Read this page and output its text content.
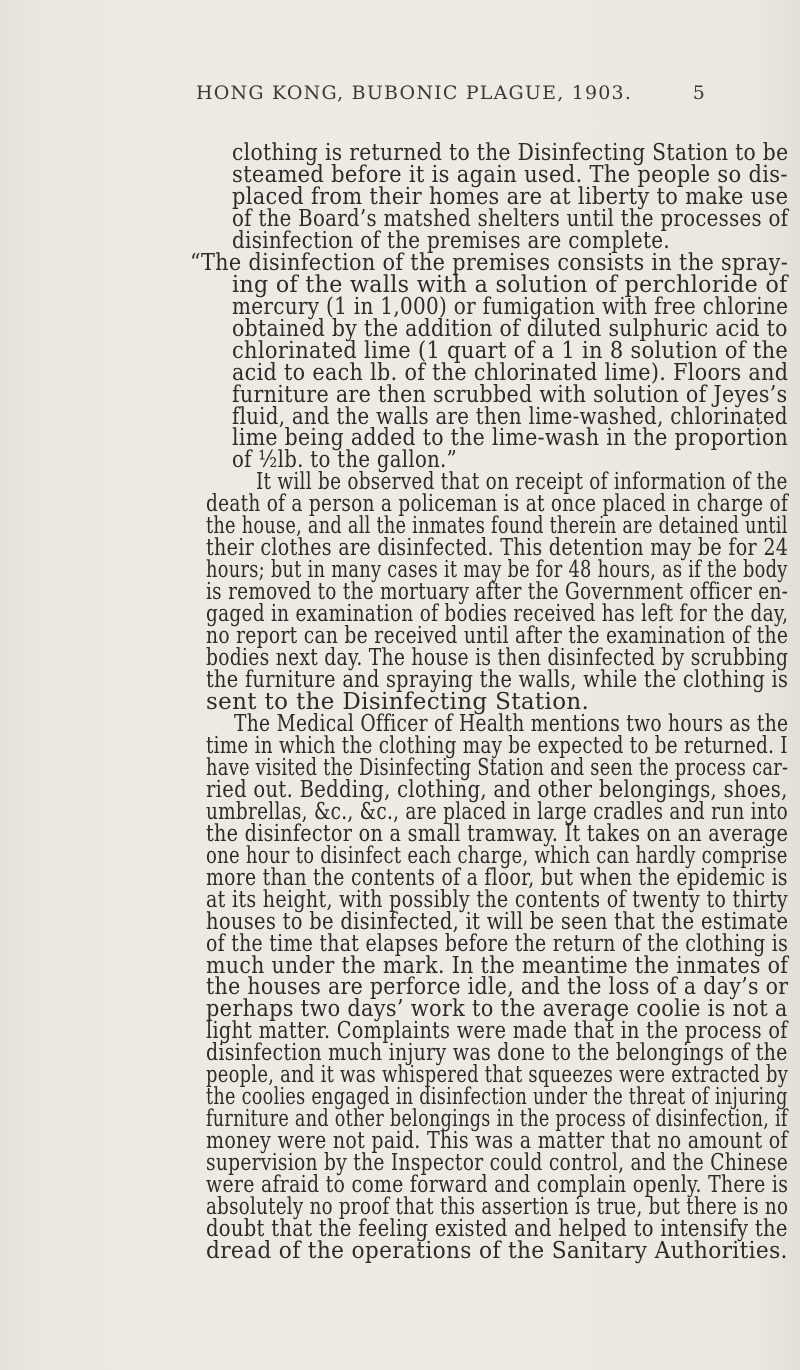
HONG KONG, BUBONIC PLAGUE, 1903.	5
clothing is returned to the Disinfecting Station to be
steamed before it is again used. The people so dis-
placed from their homes are at liberty to make use
of the Board’s matshed shelters until the processes of
disinfection of the premises are complete.
“The disinfection of the premises consists in the spray-
ing of the walls with a solution of perchloride of
mercury (1 in 1,000) or fumigation with free chlorine
obtained by the addition of diluted sulphuric acid to
chlorinated lime (1 quart of a 1 in 8 solution of the
acid to each lb. of the chlorinated lime). Floors and
furniture are then scrubbed with solution of Jeyes’s
fluid, and the walls are then lime-washed, chlorinated
lime being added to the lime-wash in the proportion
of ½lb. to the gallon.”
It will be observed that on receipt of information of the
death of a person a policeman is at once placed in charge of
the house, and all the inmates found therein are detained until
their clothes are disinfected. This detention may be for 24
hours; but in many cases it may be for 48 hours, as if the body
is removed to the mortuary after the Government officer en-
gaged in examination of bodies received has left for the day,
no report can be received until after the examination of the
bodies next day. The house is then disinfected by scrubbing
the furniture and spraying the walls, while the clothing is
sent to the Disinfecting Station.
The Medical Officer of Health mentions two hours as the
time in which the clothing may be expected to be returned. I
have visited the Disinfecting Station and seen the process car-
ried out. Bedding, clothing, and other belongings, shoes,
umbrellas, &c., &c., are placed in large cradles and run into
the disinfector on a small tramway. It takes on an average
one hour to disinfect each charge, which can hardly comprise
more than the contents of a floor, but when the epidemic is
at its height, with possibly the contents of twenty to thirty
houses to be disinfected, it will be seen that the estimate
of the time that elapses before the return of the clothing is
much under the mark. In the meantime the inmates of
the houses are perforce idle, and the loss of a day’s or
perhaps two days’ work to the average coolie is not a
light matter. Complaints were made that in the process of
disinfection much injury was done to the belongings of the
people, and it was whispered that squeezes were extracted by
the coolies engaged in disinfection under the threat of injuring
furniture and other belongings in the process of disinfection, if
money were not paid. This was a matter that no amount of
supervision by the Inspector could control, and the Chinese
were afraid to come forward and complain openly. There is
absolutely no proof that this assertion is true, but there is no
doubt that the feeling existed and helped to intensify the
dread of the operations of the Sanitary Authorities.
